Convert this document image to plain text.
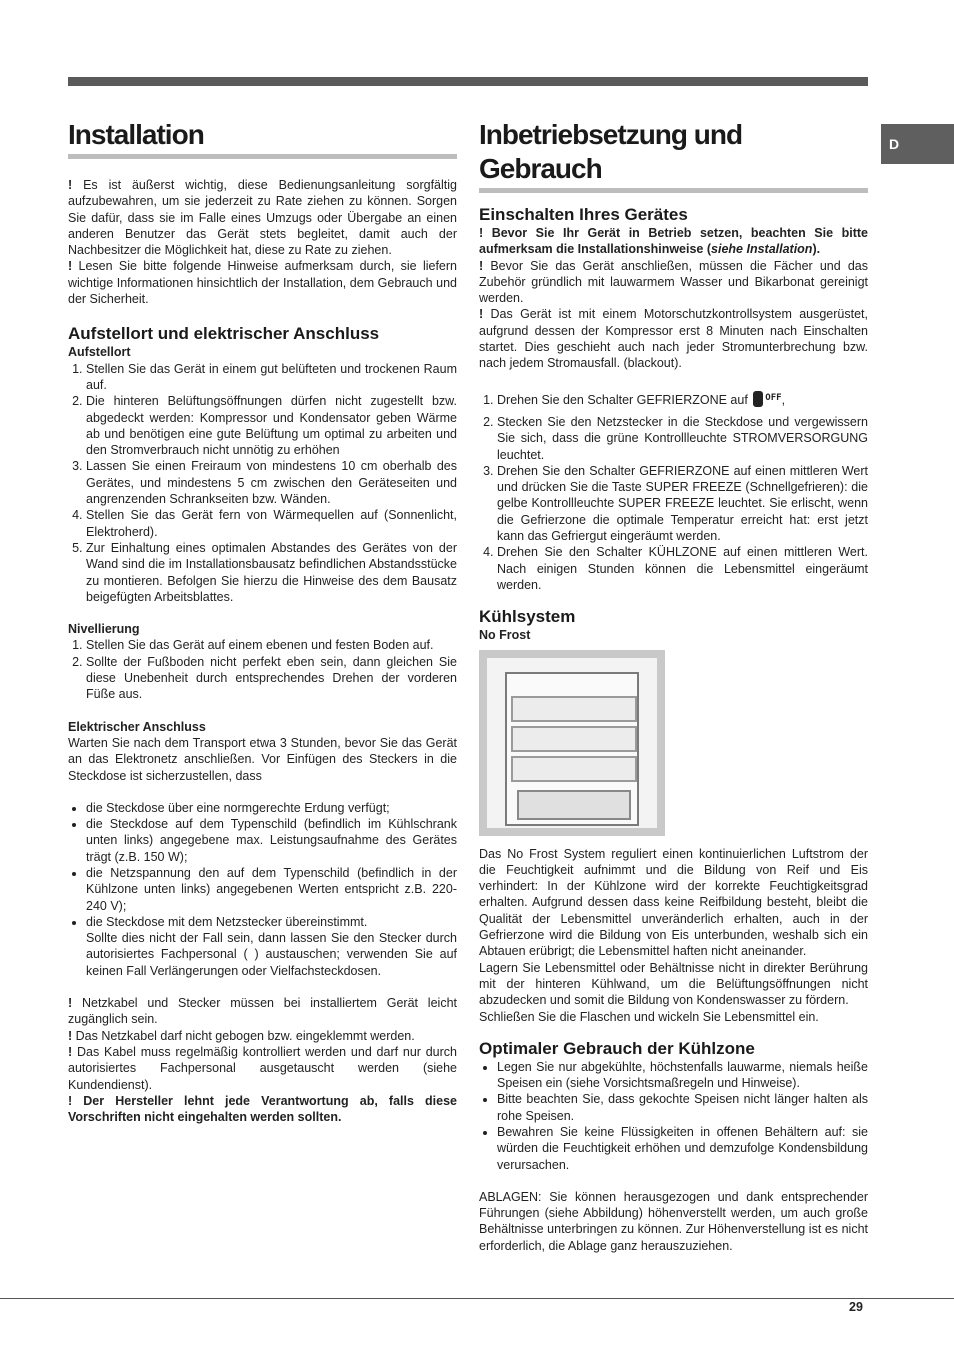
D
Installation

! Es ist äußerst wichtig, diese Bedienungsanleitung sorgfältig aufzubewahren, um sie jederzeit zu Rate ziehen zu können. Sorgen Sie dafür, dass sie im Falle eines Umzugs oder Übergabe an einen anderen Benutzer das Gerät stets begleitet, damit auch der Nachbesitzer die Möglichkeit hat, diese zu Rate zu ziehen.

! Lesen Sie bitte folgende Hinweise aufmerksam durch, sie liefern wichtige Informationen hinsichtlich der Installation, dem Gebrauch und der Sicherheit.

Aufstellort und elektrischer Anschluss
Aufstellort
1. Stellen Sie das Gerät in einem gut belüfteten und trockenen Raum auf.
2. Die hinteren Belüftungsöffnungen dürfen nicht zugestellt bzw. abgedeckt werden: Kompressor und Kondensator geben Wärme ab und benötigen eine gute Belüftung um optimal zu arbeiten und den Stromverbrauch nicht unnötig zu erhöhen
3. Lassen Sie einen Freiraum von mindestens 10 cm oberhalb des Gerätes, und mindestens 5 cm zwischen den Geräteseiten und angrenzenden Schrankseiten bzw. Wänden.
4. Stellen Sie das Gerät fern von Wärmequellen auf (Sonnenlicht, Elektroherd).
5. Zur Einhaltung eines optimalen Abstandes des Gerätes von der Wand sind die im Installationsbausatz befindlichen Abstandsstücke zu montieren. Befolgen Sie hierzu die Hinweise des dem Bausatz beigefügten Arbeitsblattes.
Nivellierung
1. Stellen Sie das Gerät auf einem ebenen und festen Boden auf.
2. Sollte der Fußboden nicht perfekt eben sein, dann gleichen Sie diese Unebenheit durch entsprechendes Drehen der vorderen Füße aus.
Elektrischer Anschluss

Warten Sie nach dem Transport etwa 3 Stunden, bevor Sie das Gerät an das Elektronetz anschließen. Vor Einfügen des Steckers in die Steckdose ist sicherzustellen, dass

• die Steckdose über eine normgerechte Erdung verfügt;
• die Steckdose auf dem Typenschild (befindlich im Kühlschrank unten links) angegebene max. Leistungsaufnahme des Gerätes trägt (z.B. 150 W);
• die Netzspannung den auf dem Typenschild (befindlich in der Kühlzone unten links) angegebenen Werten entspricht z.B. 220-240 V);
• die Steckdose mit dem Netzstecker übereinstimmt.

Sollte dies nicht der Fall sein, dann lassen Sie den Stecker durch autorisiertes Fachpersonal ( ) austauschen; verwenden Sie auf keinen Fall Verlängerungen oder Vielfachsteckdosen.

! Netzkabel und Stecker müssen bei installiertem Gerät leicht zugänglich sein.

! Das Netzkabel darf nicht gebogen bzw. eingeklemmt werden.

! Das Kabel muss regelmäßig kontrolliert werden und darf nur durch autorisiertes Fachpersonal ausgetauscht werden (siehe Kundendienst).

! Der Hersteller lehnt jede Verantwortung ab, falls diese Vorschriften nicht eingehalten werden sollten.

Inbetriebsetzung und Gebrauch
Einschalten Ihres Gerätes

! Bevor Sie Ihr Gerät in Betrieb setzen, beachten Sie bitte aufmerksam die Installationshinweise (siehe Installation).

! Bevor Sie das Gerät anschließen, müssen die Fächer und das Zubehör gründlich mit lauwarmem Wasser und Bikarbonat gereinigt werden.

! Das Gerät ist mit einem Motorschutzkontrollsystem ausgerüstet, aufgrund dessen der Kompressor erst 8 Minuten nach Einschalten startet. Dies geschieht auch nach jeder Stromunterbrechung bzw. nach jedem Stromausfall. (blackout).

1. Drehen Sie den Schalter GEFRIERZONE auf $^{OFF}$,
2. Stecken Sie den Netzstecker in die Steckdose und vergewissern Sie sich, dass die grüne Kontrollleuchte STROMVERSORGUNG leuchtet.
3. Drehen Sie den Schalter GEFRIERZONE auf einen mittleren Wert und drücken Sie die Taste SUPER FREEZE (Schnellgefrieren): die gelbe Kontrollleuchte SUPER FREEZE leuchtet. Sie erlischt, wenn die Gefrierzone die optimale Temperatur erreicht hat: erst jetzt kann das Gefriergut eingeräumt werden.
4. Drehen Sie den Schalter KÜHLZONE auf einen mittleren Wert. Nach einigen Stunden können die Lebensmittel eingeräumt werden.
Kühlsystem
No Frost

Das No Frost System reguliert einen kontinuierlichen Luftstrom der die Feuchtigkeit aufnimmt und die Bildung von Reif und Eis verhindert: In der Kühlzone wird der korrekte Feuchtigkeitsgrad erhalten. Aufgrund dessen dass keine Reifbildung besteht, bleibt die Qualität der Lebensmittel unveränderlich erhalten, auch in der Gefrierzone wird die Bildung von Eis unterbunden, weshalb sich ein Abtauen erübrigt; die Lebensmittel haften nicht aneinander.

Lagern Sie Lebensmittel oder Behältnisse nicht in direkter Berührung mit der hinteren Kühlwand, um die Belüftungsöffnungen nicht abzudecken und somit die Bildung von Kondenswasser zu fördern.

Schließen Sie die Flaschen und wickeln Sie Lebensmittel ein.

Optimaler Gebrauch der Kühlzone
• Legen Sie nur abgekühlte, höchstenfalls lauwarme, niemals heiße Speisen ein (siehe Vorsichtsmaßregeln und Hinweise).
• Bitte beachten Sie, dass gekochte Speisen nicht länger halten als rohe Speisen.
• Bewahren Sie keine Flüssigkeiten in offenen Behältern auf: sie würden die Feuchtigkeit erhöhen und demzufolge Kondensbildung verursachen.

ABLAGEN: Sie können herausgezogen und dank entsprechender Führungen (siehe Abbildung) höhenverstellt werden, um auch große Behältnisse unterbringen zu können. Zur Höhenverstellung ist es nicht erforderlich, die Ablage ganz herauszuziehen.

29
